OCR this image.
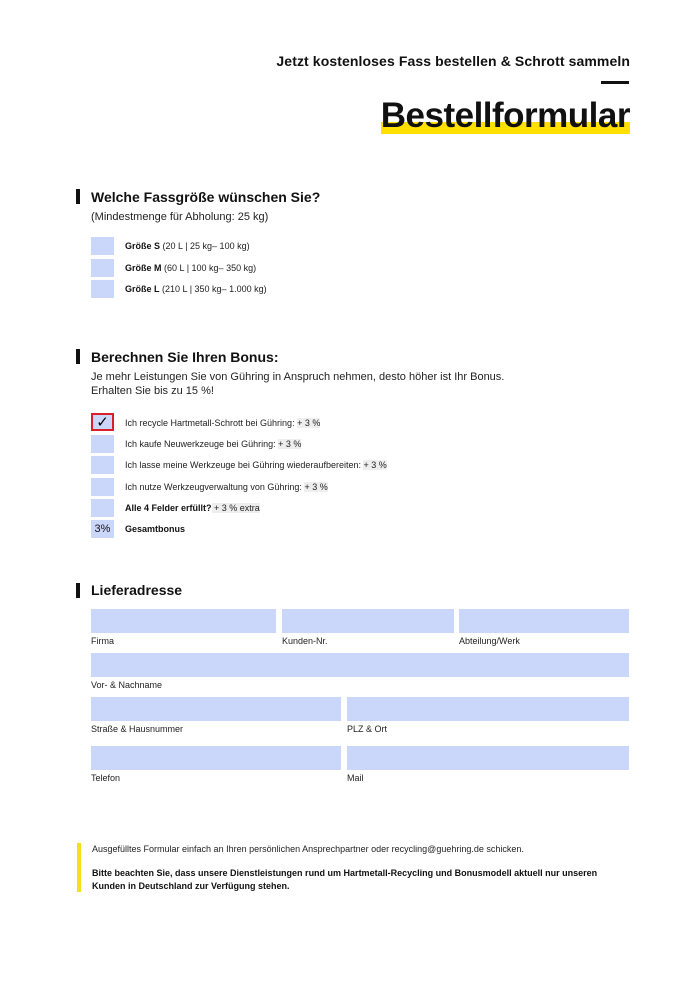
Jetzt kostenloses Fass bestellen & Schrott sammeln
Bestellformular
Welche Fassgröße wünschen Sie?
(Mindestmenge für Abholung: 25 kg)
Größe S (20 L | 25 kg– 100 kg)
Größe M (60 L | 100 kg– 350 kg)
Größe L (210 L | 350 kg– 1.000 kg)
Berechnen Sie Ihren Bonus:
Je mehr Leistungen Sie von Gühring in Anspruch nehmen, desto höher ist Ihr Bonus.
Erhalten Sie bis zu 15 %!
✓ Ich recycle Hartmetall-Schrott bei Gühring: + 3 %
Ich kaufe Neuwerkzeuge bei Gühring: + 3 %
Ich lasse meine Werkzeuge bei Gühring wiederaufbereiten: + 3 %
Ich nutze Werkzeugverwaltung von Gühring: + 3 %
Alle 4 Felder erfüllt? + 3 % extra
3%	Gesamtbonus
Lieferadresse
Firma	Kunden-Nr.	Abteilung/Werk
Vor- & Nachname
Straße & Hausnummer	PLZ & Ort
Telefon	Mail
Ausgefülltes Formular einfach an Ihren persönlichen Ansprechpartner oder recycling@guehring.de schicken.
Bitte beachten Sie, dass unsere Dienstleistungen rund um Hartmetall-Recycling und Bonusmodell aktuell nur unseren Kunden in Deutschland zur Verfügung stehen.
